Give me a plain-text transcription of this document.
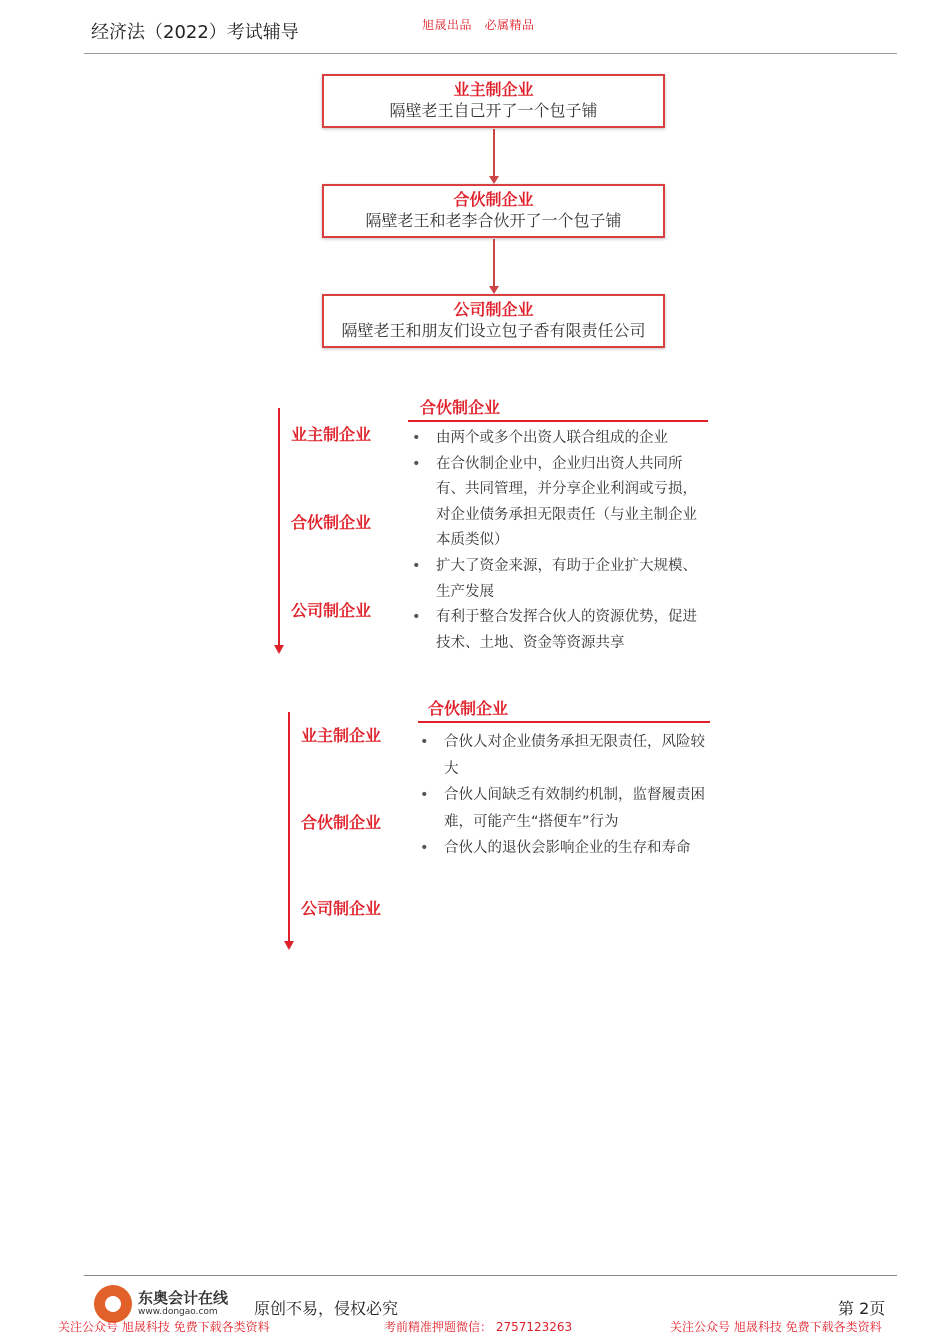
经济法（2022）考试辅导	旭晟出品　必属精品
业主制企业
隔壁老王自己开了一个包子铺
合伙制企业
隔壁老王和老李合伙开了一个包子铺
公司制企业
隔壁老王和朋友们设立包子香有限责任公司
业主制企业
合伙制企业
公司制企业
合伙制企业
• 由两个或多个出资人联合组成的企业
• 在合伙制企业中，企业归出资人共同所有、共同管理，并分享企业利润或亏损，对企业债务承担无限责任（与业主制企业本质类似）
• 扩大了资金来源，有助于企业扩大规模、生产发展
• 有利于整合发挥合伙人的资源优势，促进技术、土地、资金等资源共享
业主制企业
合伙制企业
公司制企业
合伙制企业
• 合伙人对企业债务承担无限责任，风险较大
• 合伙人间缺乏有效制约机制，监督履责困难，可能产生“搭便车”行为
• 合伙人的退伙会影响企业的生存和寿命
东奥会计在线
www.dongao.com 原创不易，侵权必究	第 2页
关注公众号 旭晟科技 免费下载各类资料	考前精准押题微信： 2757123263	关注公众号 旭晟科技 免费下载各类资料
